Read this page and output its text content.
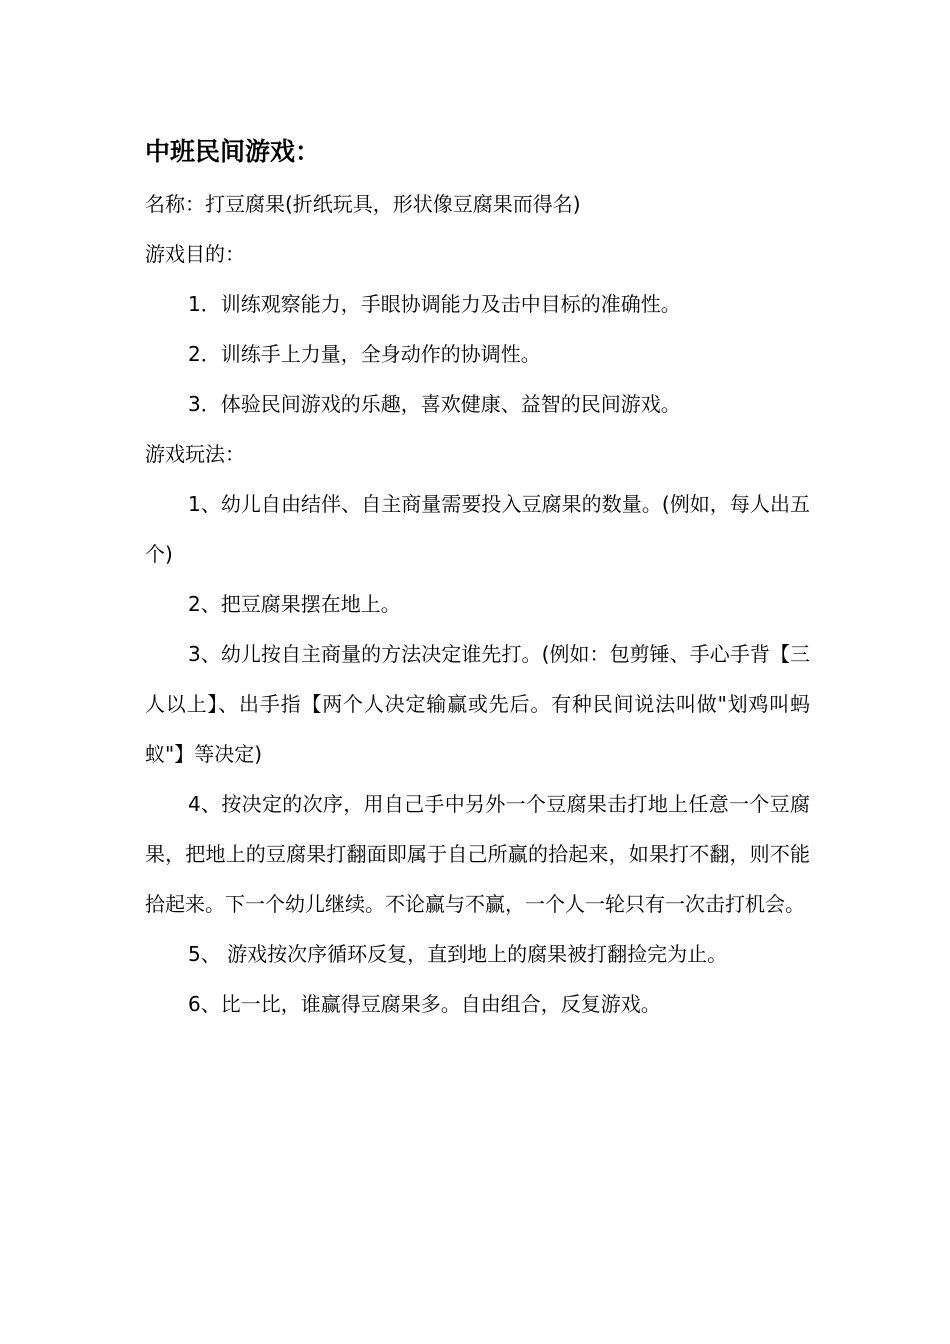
中班民间游戏：
名称：打豆腐果(折纸玩具，形状像豆腐果而得名)
游戏目的：
1．训练观察能力，手眼协调能力及击中目标的准确性。
2．训练手上力量，全身动作的协调性。
3．体验民间游戏的乐趣，喜欢健康、益智的民间游戏。
游戏玩法：
1、幼儿自由结伴、自主商量需要投入豆腐果的数量。(例如，每人出五个)
2、把豆腐果摆在地上。
3、幼儿按自主商量的方法决定谁先打。(例如：包剪锤、手心手背【三人以上】、出手指【两个人决定输赢或先后。有种民间说法叫做"划鸡叫蚂蚁"】等决定)
4、按决定的次序，用自己手中另外一个豆腐果击打地上任意一个豆腐果，把地上的豆腐果打翻面即属于自己所赢的拾起来，如果打不翻，则不能拾起来。下一个幼儿继续。不论赢与不赢，一个人一轮只有一次击打机会。
5、 游戏按次序循环反复，直到地上的腐果被打翻捡完为止。
6、比一比，谁赢得豆腐果多。自由组合，反复游戏。
